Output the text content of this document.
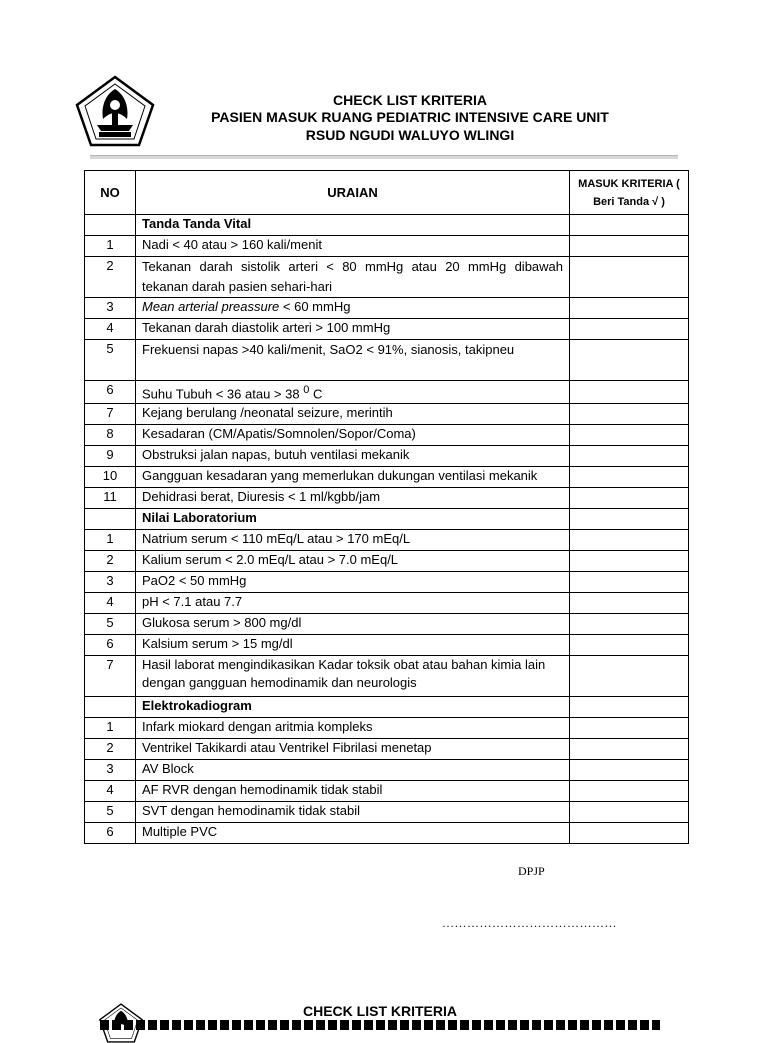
CHECK LIST KRITERIA
PASIEN MASUK RUANG PEDIATRIC INTENSIVE CARE UNIT
RSUD NGUDI WALUYO WLINGI
NO	URAIAN	MASUK KRITERIA ( Beri Tanda √ )
	Tanda Tanda Vital	
1	Nadi < 40 atau > 160 kali/menit	
2	Tekanan darah sistolik arteri < 80 mmHg atau 20 mmHg dibawah tekanan darah pasien sehari-hari	
3	Mean arterial preassure < 60 mmHg	
4	Tekanan darah diastolik arteri > 100 mmHg	
5	Frekuensi napas >40 kali/menit, SaO2 < 91%, sianosis, takipneu	
6	Suhu Tubuh < 36 atau > 38 $^0$ C	
7	Kejang berulang /neonatal seizure, merintih	
8	Kesadaran (CM/Apatis/Somnolen/Sopor/Coma)	
9	Obstruksi jalan napas, butuh ventilasi mekanik	
10	Gangguan kesadaran yang memerlukan dukungan ventilasi mekanik	
11	Dehidrasi berat, Diuresis < 1 ml/kgbb/jam	
	Nilai Laboratorium	
1	Natrium serum < 110 mEq/L atau > 170 mEq/L	
2	Kalium serum < 2.0 mEq/L atau > 7.0 mEq/L	
3	PaO2 < 50 mmHg	
4	pH < 7.1 atau 7.7	
5	Glukosa serum > 800 mg/dl	
6	Kalsium serum > 15 mg/dl	
7	Hasil laborat mengindikasikan Kadar toksik obat atau bahan kimia lain dengan gangguan hemodinamik dan neurologis	
	Elektrokadiogram	
1	Infark miokard dengan aritmia kompleks	
2	Ventrikel Takikardi atau Ventrikel Fibrilasi menetap	
3	AV Block	
4	AF RVR dengan hemodinamik tidak stabil	
5	SVT dengan hemodinamik tidak stabil	
6	Multiple PVC	
DPJP
……………………………………
CHECK LIST KRITERIA
